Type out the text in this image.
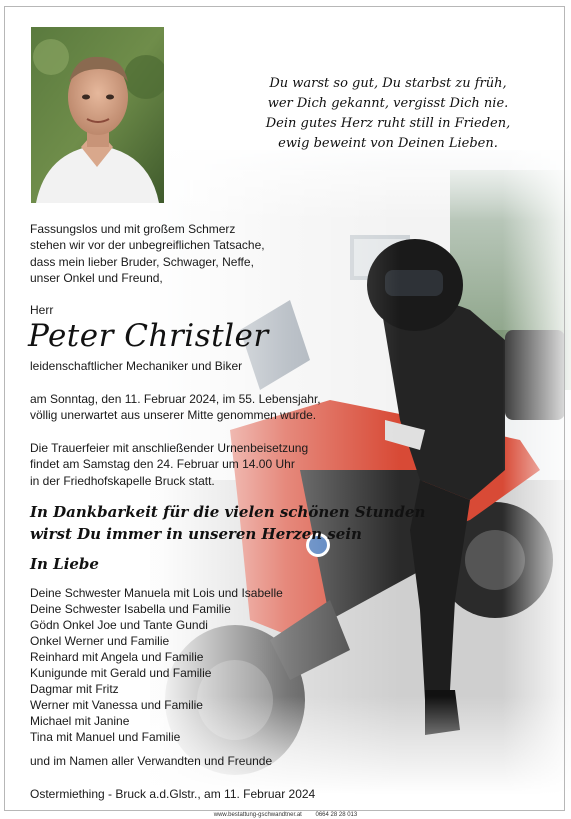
Du warst so gut, Du starbst zu früh,
wer Dich gekannt, vergisst Dich nie.
Dein gutes Herz ruht still in Frieden,
ewig beweint von Deinen Lieben.
Fassungslos und mit großem Schmerz
stehen wir vor der unbegreiflichen Tatsache,
dass mein lieber Bruder, Schwager, Neffe,
unser Onkel und Freund,
Herr
Peter Christler
leidenschaftlicher Mechaniker und Biker
am Sonntag, den 11. Februar 2024, im 55. Lebensjahr,
völlig unerwartet aus unserer Mitte genommen wurde.
Die Trauerfeier mit anschließender Urnenbeisetzung
findet am Samstag den 24. Februar um 14.00 Uhr
in der Friedhofskapelle Bruck statt.
In Dankbarkeit für die vielen schönen Stunden
wirst Du immer in unseren Herzen sein
In Liebe
Deine Schwester Manuela mit Lois und Isabelle
Deine Schwester Isabella und Familie
Gödn Onkel Joe und Tante Gundi
Onkel Werner und Familie
Reinhard mit Angela und Familie
Kunigunde mit Gerald und Familie
Dagmar mit Fritz
Werner mit Vanessa und Familie
Michael mit Janine
Tina mit Manuel und Familie
und im Namen aller Verwandten und Freunde
Ostermiething - Bruck a.d.Glstr., am 11. Februar 2024
www.bestattung-gschwandtner.at 0664 28 28 013
